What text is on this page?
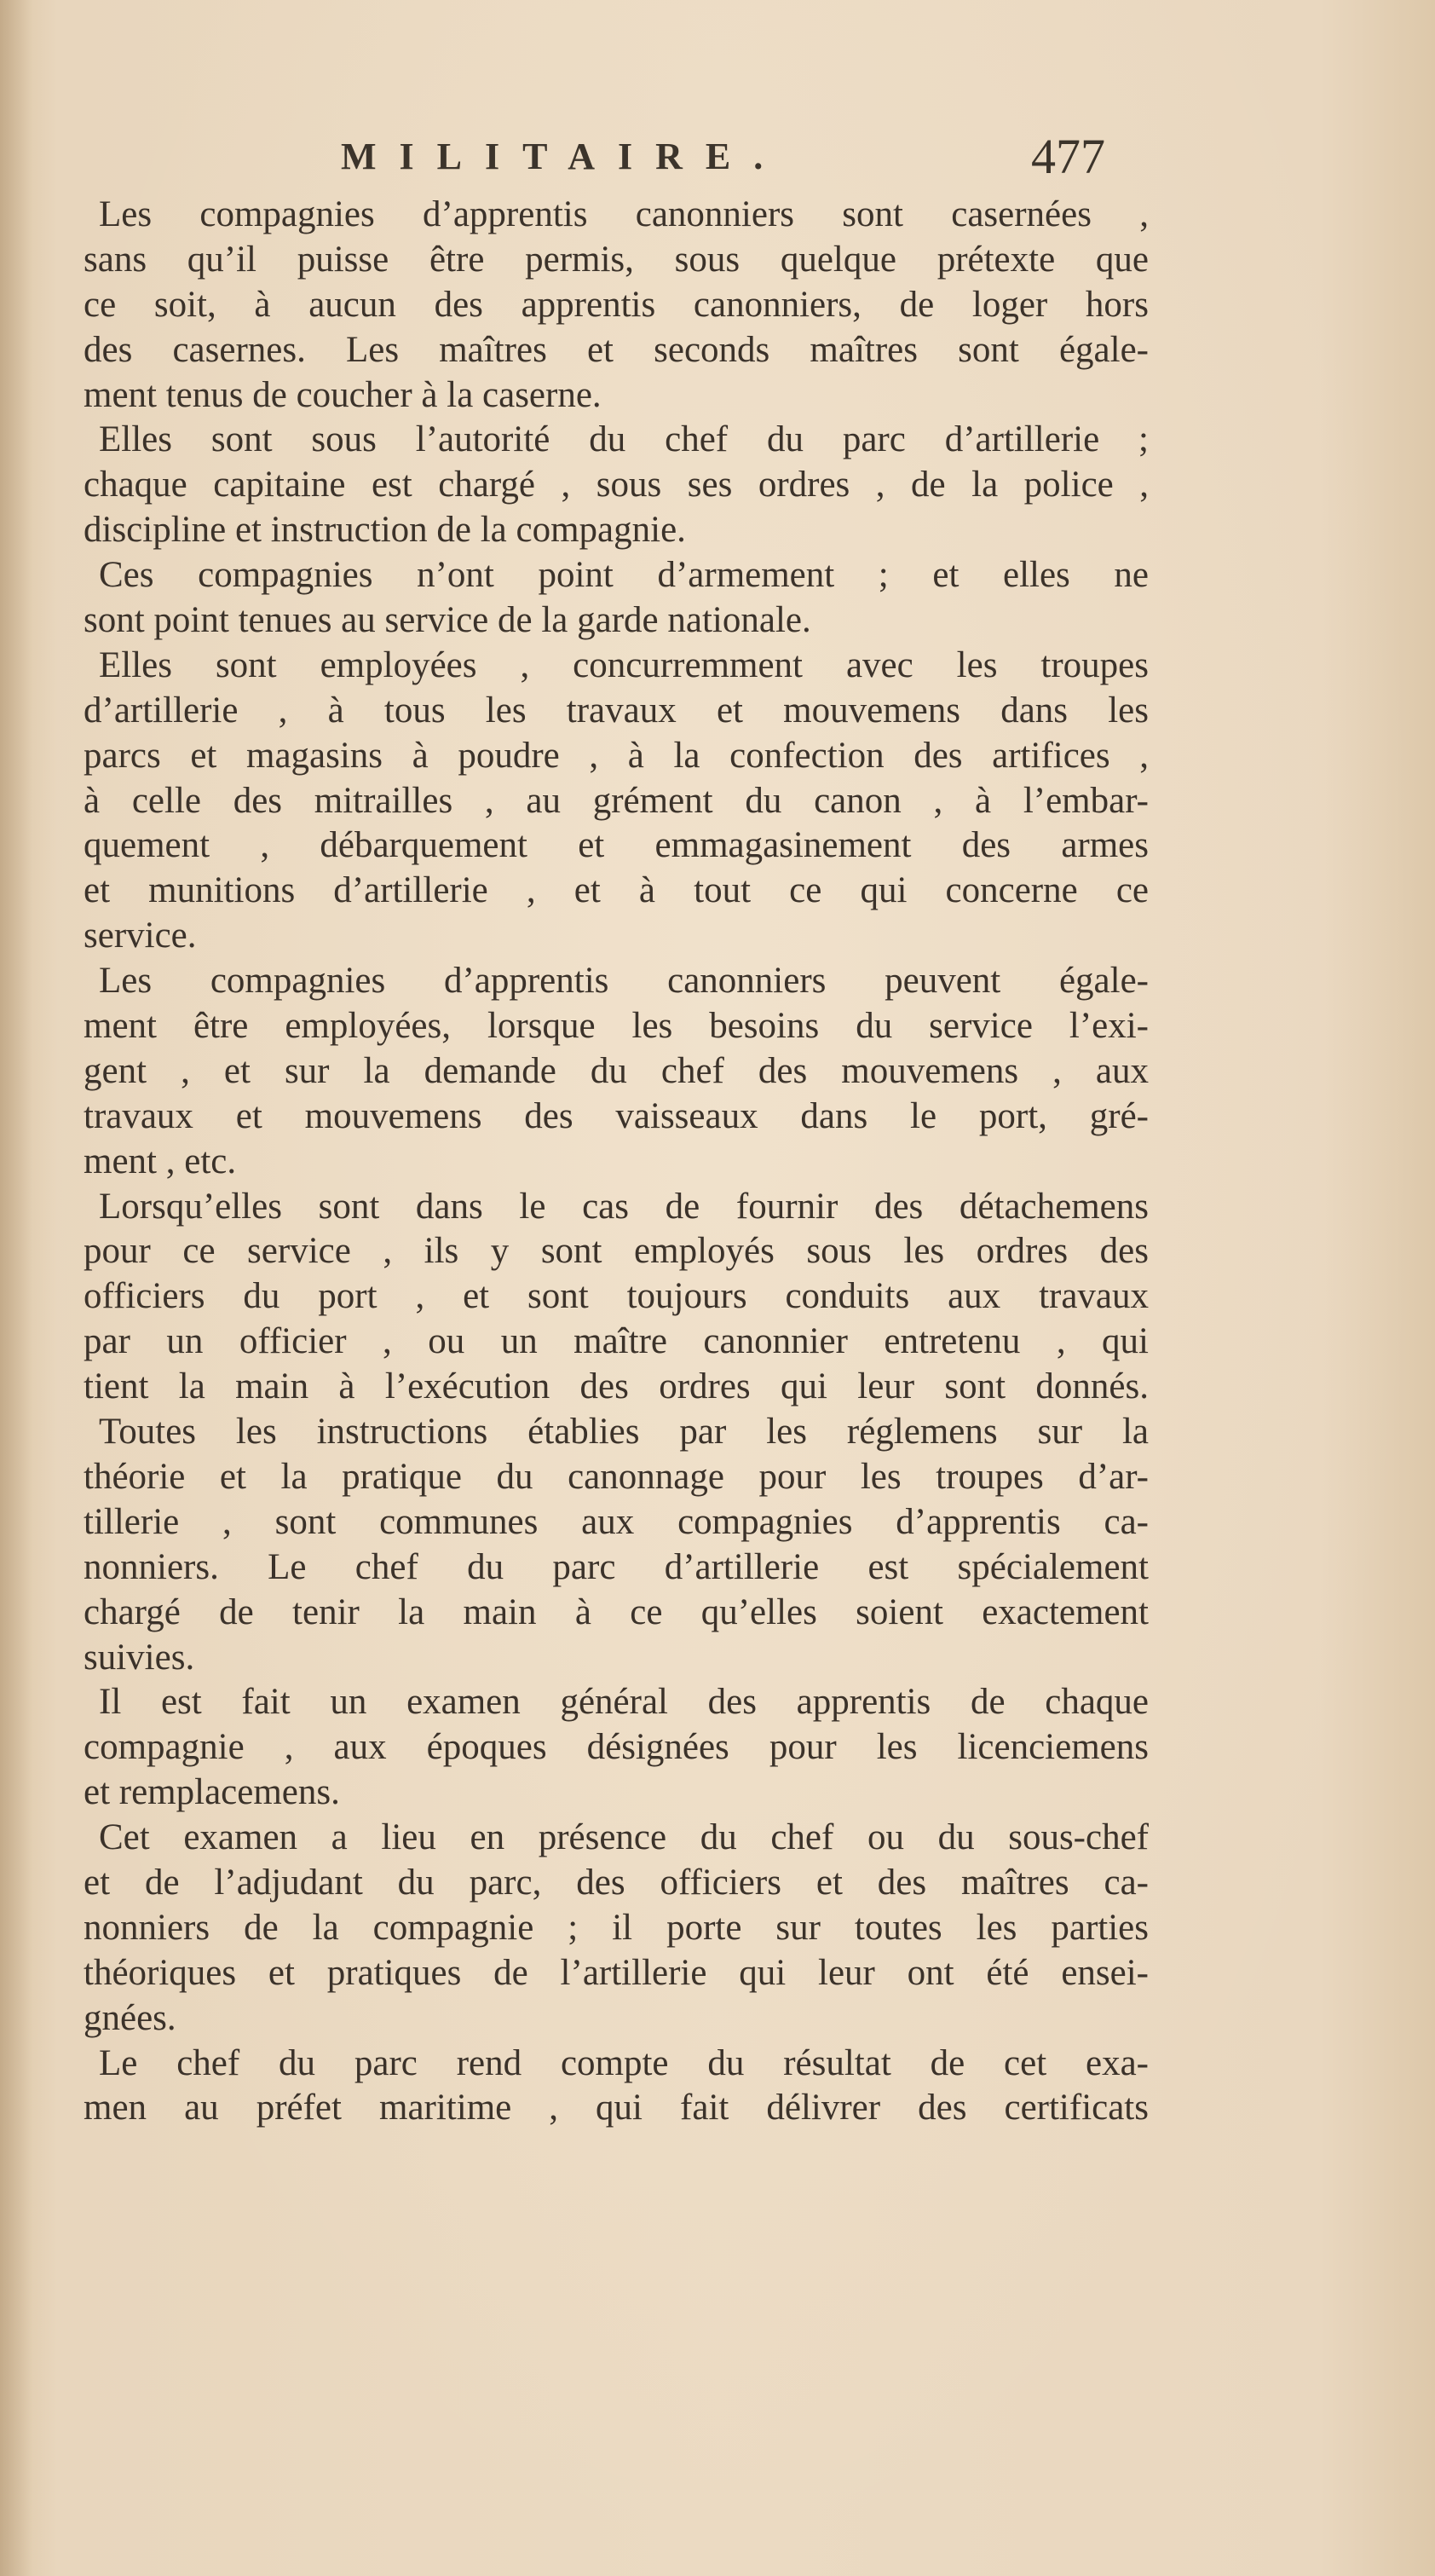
MILITAIRE.	477
Les compagnies d’apprentis canonniers sont casernées ,
sans qu’il puisse être permis, sous quelque prétexte que
ce soit, à aucun des apprentis canonniers, de loger hors
des casernes. Les maîtres et seconds maîtres sont égale-
ment tenus de coucher à la caserne.
Elles sont sous l’autorité du chef du parc d’artillerie ;
chaque capitaine est chargé , sous ses ordres , de la police ,
discipline et instruction de la compagnie.
Ces compagnies n’ont point d’armement ; et elles ne
sont point tenues au service de la garde nationale.
Elles sont employées , concurremment avec les troupes
d’artillerie , à tous les travaux et mouvemens dans les
parcs et magasins à poudre , à la confection des artifices ,
à celle des mitrailles , au grément du canon , à l’embar-
quement , débarquement et emmagasinement des armes
et munitions d’artillerie , et à tout ce qui concerne ce
service.
Les compagnies d’apprentis canonniers peuvent égale-
ment être employées, lorsque les besoins du service l’exi-
gent , et sur la demande du chef des mouvemens , aux
travaux et mouvemens des vaisseaux dans le port, gré-
ment , etc.
Lorsqu’elles sont dans le cas de fournir des détachemens
pour ce service , ils y sont employés sous les ordres des
officiers du port , et sont toujours conduits aux travaux
par un officier , ou un maître canonnier entretenu , qui
tient la main à l’exécution des ordres qui leur sont donnés.
Toutes les instructions établies par les réglemens sur la
théorie et la pratique du canonnage pour les troupes d’ar-
tillerie , sont communes aux compagnies d’apprentis ca-
nonniers. Le chef du parc d’artillerie est spécialement
chargé de tenir la main à ce qu’elles soient exactement
suivies.
Il est fait un examen général des apprentis de chaque
compagnie , aux époques désignées pour les licenciemens
et remplacemens.
Cet examen a lieu en présence du chef ou du sous-chef
et de l’adjudant du parc, des officiers et des maîtres ca-
nonniers de la compagnie ; il porte sur toutes les parties
théoriques et pratiques de l’artillerie qui leur ont été ensei-
gnées.
Le chef du parc rend compte du résultat de cet exa-
men au préfet maritime , qui fait délivrer des certificats
